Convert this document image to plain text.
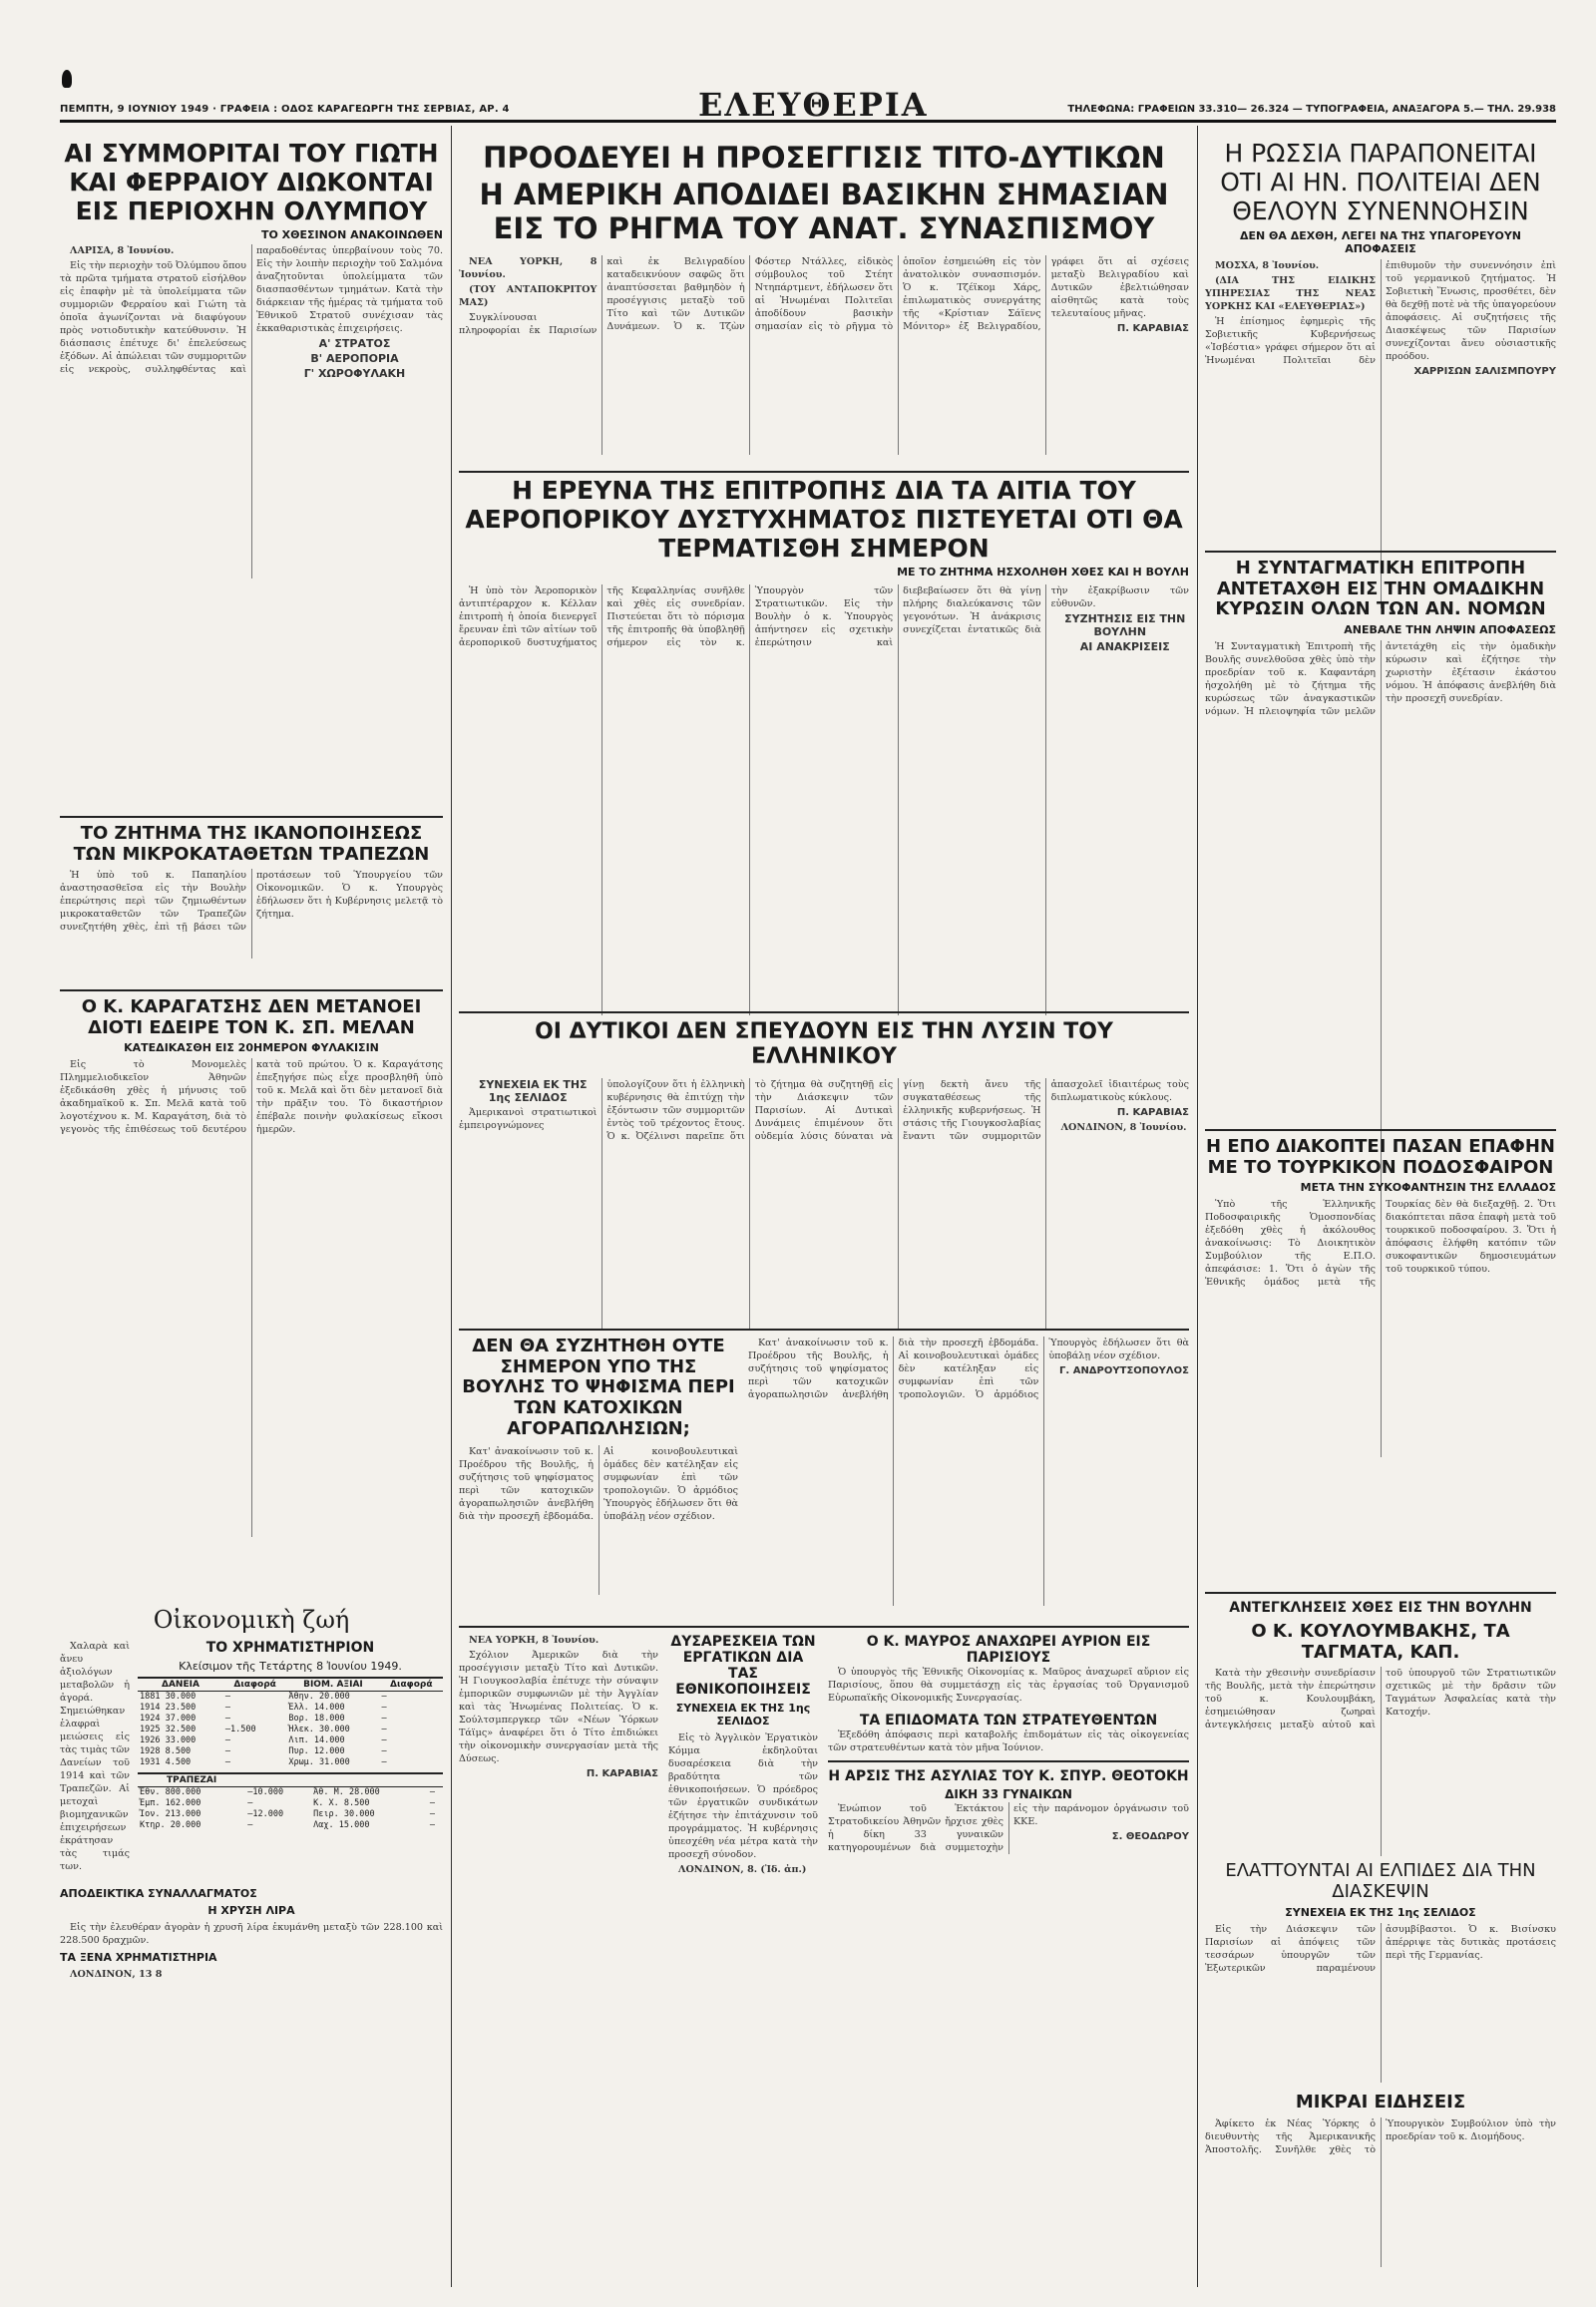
ΠΕΜΠΤΗ, 9 ΙΟΥΝΙΟΥ 1949 · ΓΡΑΦΕΙΑ : ΟΔΟΣ ΚΑΡΑΓΕΩΡΓΗ ΤΗΣ ΣΕΡΒΙΑΣ, ΑΡ. 4	ΕΛΕΥΘΕΡΙΑ	ΤΗΛΕΦΩΝΑ: ΓΡΑΦΕΙΩΝ 33.310— 26.324 — ΤΥΠΟΓΡΑΦΕΙΑ, ΑΝΑΞΑΓΟΡΑ 5.— ΤΗΛ. 29.938
ΑΙ ΣΥΜΜΟΡΙΤΑΙ ΤΟΥ ΓΙΩΤΗ ΚΑΙ ΦΕΡΡΑΙΟΥ ΔΙΩΚΟΝΤΑΙ ΕΙΣ ΠΕΡΙΟΧΗΝ ΟΛΥΜΠΟΥ
ΤΟ ΧΘΕΣΙΝΟΝ ΑΝΑΚΟΙΝΩΘΕΝ

ΛΑΡΙΣΑ, 8 Ἰουνίου.

Εἰς τὴν περιοχὴν τοῦ Ὀλύμπου ὅπου τὰ πρῶτα τμήματα στρατοῦ εἰσήλθον εἰς ἐπαφὴν μὲ τὰ ὑπολείμματα τῶν συμμοριῶν Φερραίου καὶ Γιώτη τὰ ὁποῖα ἀγωνίζονται νὰ διαφύγουν πρὸς νοτιοδυτικὴν κατεύθυνσιν. Ἡ διάσπασις ἐπέτυχε δι' ἐπελεύσεως ἐξόδων. Αἱ ἀπώλειαι τῶν συμμοριτῶν εἰς νεκροὺς, συλληφθέντας καὶ παραδοθέντας ὑπερβαίνουν τοὺς 70. Εἰς τὴν λοιπὴν περιοχὴν τοῦ Σαλμόνα ἀναζητοῦνται ὑπολείμματα τῶν διασπασθέντων τμημάτων. Κατὰ τὴν διάρκειαν τῆς ἡμέρας τὰ τμήματα τοῦ Ἐθνικοῦ Στρατοῦ συνέχισαν τὰς ἐκκαθαριστικὰς ἐπιχειρήσεις.

Α' ΣΤΡΑΤΟΣ

Β' ΑΕΡΟΠΟΡΙΑ

Γ' ΧΩΡΟΦΥΛΑΚΗ

ΤΟ ΖΗΤΗΜΑ ΤΗΣ ΙΚΑΝΟΠΟΙΗΣΕΩΣ ΤΩΝ ΜΙΚΡΟΚΑΤΑΘΕΤΩΝ ΤΡΑΠΕΖΩΝ

Ἡ ὑπὸ τοῦ κ. Παπαηλίου ἀναστησασθεῖσα εἰς τὴν Βουλὴν ἐπερώτησις περὶ τῶν ζημιωθέντων μικροκαταθετῶν τῶν Τραπεζῶν συνεζητήθη χθὲς, ἐπὶ τῇ βάσει τῶν προτάσεων τοῦ Ὑπουργείου τῶν Οἰκονομικῶν. Ὁ κ. Υπουργὸς ἐδήλωσεν ὅτι ἡ Κυβέρνησις μελετᾷ τὸ ζήτημα.

Ο Κ. ΚΑΡΑΓΑΤΣΗΣ ΔΕΝ ΜΕΤΑΝΟΕΙ ΔΙΟΤΙ ΕΔΕΙΡΕ ΤΟΝ Κ. ΣΠ. ΜΕΛΑΝ
ΚΑΤΕΔΙΚΑΣΘΗ ΕΙΣ 20ΗΜΕΡΟΝ ΦΥΛΑΚΙΣΙΝ

Εἰς τὸ Μονομελὲς Πλημμελιοδικεῖον Ἀθηνῶν ἐξεδικάσθη χθὲς ἡ μήνυσις τοῦ ἀκαδημαϊκοῦ κ. Σπ. Μελᾶ κατὰ τοῦ λογοτέχνου κ. Μ. Καραγάτση, διὰ τὸ γεγονὸς τῆς ἐπιθέσεως τοῦ δευτέρου κατὰ τοῦ πρώτου. Ὁ κ. Καραγάτσης ἐπεξηγήσε πὼς εἶχε προσβληθῆ ὑπὸ τοῦ κ. Μελᾶ καὶ ὅτι δὲν μετανοεῖ διὰ τὴν πρᾶξιν του. Τὸ δικαστήριον ἐπέβαλε ποινὴν φυλακίσεως εἴκοσι ἡμερῶν.

Οἰκονομικὴ ζωή

Χαλαρὰ καὶ ἄνευ ἀξιολόγων μεταβολῶν ἡ ἀγορά. Σημειώθηκαν ἐλαφραὶ μειώσεις εἰς τὰς τιμὰς τῶν Δανείων τοῦ 1914 καὶ τῶν Τραπεζῶν. Αἱ μετοχαὶ βιομηχανικῶν ἐπιχειρήσεων ἐκράτησαν τὰς τιμάς των.

ΤΟ ΧΡΗΜΑΤΙΣΤΗΡΙΟΝ
Κλείσιμον τῆς Τετάρτης 8 Ἰουνίου 1949.
ΔΑΝΕΙΑ	Διαφορά	ΒΙΟΜ. ΑΞΙΑΙ	Διαφορά
1881 30.000	—	Ἀθην. 20.000	—
1914 23.500	—	Ἐλλ. 14.000	—
1924 37.000	—	Βορ. 18.000	—
1925 32.500	—1.500	Ἡλεκ. 30.000	—
1926 33.000	—	Λιπ. 14.000	—
1928 8.500	—	Πυρ. 12.000	—
1931 4.500	—	Χρωμ. 31.000	—
ΤΡΑΠΕΖΑΙ			
Ἐθν. 800.000	—10.000	Ἀθ. Μ. 28.000	—
Ἐμπ. 162.000	—	Κ. Χ. 8.500	—
Ἰον. 213.000	—12.000	Πειρ. 30.000	—
Κτηρ. 20.000	—	Λαχ. 15.000	—
ΑΠΟΔΕΙΚΤΙΚΑ ΣΥΝΑΛΛΑΓΜΑΤΟΣ
Η ΧΡΥΣΗ ΛΙΡΑ

Εἰς τὴν ἐλευθέραν ἀγορὰν ἡ χρυσῆ λίρα ἐκυμάνθη μεταξὺ τῶν 228.100 καὶ 228.500 δραχμῶν.

ΤΑ ΞΕΝΑ ΧΡΗΜΑΤΙΣΤΗΡΙΑ

ΛΟΝΔΙΝΟΝ, 13 8

ΠΡΟΟΔΕΥΕΙ Η ΠΡΟΣΕΓΓΙΣΙΣ ΤΙΤΟ-ΔΥΤΙΚΩΝ
Η ΑΜΕΡΙΚΗ ΑΠΟΔΙΔΕΙ ΒΑΣΙΚΗΝ ΣΗΜΑΣΙΑΝ ΕΙΣ ΤΟ ΡΗΓΜΑ ΤΟΥ ΑΝΑΤ. ΣΥΝΑΣΠΙΣΜΟΥ

ΝΕΑ ΥΟΡΚΗ, 8 Ἰουνίου.

(ΤΟΥ ΑΝΤΑΠΟΚΡΙΤΟΥ ΜΑΣ)

Συγκλίνουσαι πληροφορίαι ἐκ Παρισίων καὶ ἐκ Βελιγραδίου καταδεικνύουν σαφῶς ὅτι ἀναπτύσσεται βαθμηδὸν ἡ προσέγγισις μεταξὺ τοῦ Τίτο καὶ τῶν Δυτικῶν Δυνάμεων. Ὁ κ. Τζὼν Φόστερ Ντάλλες, εἰδικὸς σύμβουλος τοῦ Στέητ Ντηπάρτμεντ, ἐδήλωσεν ὅτι αἱ Ἡνωμέναι Πολιτεῖαι ἀποδίδουν βασικὴν σημασίαν εἰς τὸ ρῆγμα τὸ ὁποῖον ἐσημειώθη εἰς τὸν ἀνατολικὸν συνασπισμόν. Ὁ κ. Τζέϊκομ Χάρς, ἐπιλωματικὸς συνεργάτης τῆς «Κρίστιαν Σάϊενς Μόνιτορ» ἐξ Βελιγραδίου, γράφει ὅτι αἱ σχέσεις μεταξὺ Βελιγραδίου καὶ Δυτικῶν ἐβελτιώθησαν αἰσθητῶς κατὰ τοὺς τελευταίους μῆνας.

Π. ΚΑΡΑΒΙΑΣ
Η ΕΡΕΥΝΑ ΤΗΣ ΕΠΙΤΡΟΠΗΣ ΔΙΑ ΤΑ ΑΙΤΙΑ ΤΟΥ ΑΕΡΟΠΟΡΙΚΟΥ ΔΥΣΤΥΧΗΜΑΤΟΣ ΠΙΣΤΕΥΕΤΑΙ ΟΤΙ ΘΑ ΤΕΡΜΑΤΙΣΘΗ ΣΗΜΕΡΟΝ
ΜΕ ΤΟ ΖΗΤΗΜΑ ΗΣΧΟΛΗΘΗ ΧΘΕΣ ΚΑΙ Η ΒΟΥΛΗ

Ἡ ὑπὸ τὸν Ἀεροπορικὸν ἀντιπτέραρχον κ. Κέλλαν ἐπιτροπὴ ἡ ὁποία διενεργεῖ ἔρευναν ἐπὶ τῶν αἰτίων τοῦ ἀεροπορικοῦ δυστυχήματος τῆς Κεφαλληνίας συνῆλθε καὶ χθὲς εἰς συνεδρίαν. Πιστεύεται ὅτι τὸ πόρισμα τῆς ἐπιτροπῆς θὰ ὑποβληθῇ σήμερον εἰς τὸν κ. Ὑπουργὸν τῶν Στρατιωτικῶν. Εἰς τὴν Βουλὴν ὁ κ. Ὑπουργὸς ἀπήντησεν εἰς σχετικὴν ἐπερώτησιν καὶ διεβεβαίωσεν ὅτι θὰ γίνῃ πλήρης διαλεύκανσις τῶν γεγονότων. Ἡ ἀνάκρισις συνεχίζεται ἐντατικῶς διὰ τὴν ἐξακρίβωσιν τῶν εὐθυνῶν.

ΣΥΖΗΤΗΣΙΣ ΕΙΣ ΤΗΝ ΒΟΥΛΗΝ

ΑΙ ΑΝΑΚΡΙΣΕΙΣ

ΟΙ ΔΥΤΙΚΟΙ ΔΕΝ ΣΠΕΥΔΟΥΝ ΕΙΣ ΤΗΝ ΛΥΣΙΝ ΤΟΥ ΕΛΛΗΝΙΚΟΥ

ΣΥΝΕΧΕΙΑ ΕΚ ΤΗΣ 1ης ΣΕΛΙΔΟΣ

Ἀμερικανοὶ στρατιωτικοὶ ἐμπειρογνώμονες ὑπολογίζουν ὅτι ἡ ἐλληνικὴ κυβέρνησις θὰ ἐπιτύχῃ τὴν ἐξόντωσιν τῶν συμμοριτῶν ἐντὸς τοῦ τρέχοντος ἔτους. Ὁ κ. Ὀζέλινσι παρεῖπε ὅτι τὸ ζήτημα θὰ συζητηθῇ εἰς τὴν Διάσκεψιν τῶν Παρισίων. Αἱ Δυτικαὶ Δυνάμεις ἐπιμένουν ὅτι οὐδεμία λύσις δύναται νὰ γίνῃ δεκτὴ ἄνευ τῆς συγκαταθέσεως τῆς ἑλληνικῆς κυβερνήσεως. Ἡ στάσις τῆς Γιουγκοσλαβίας ἔναντι τῶν συμμοριτῶν ἀπασχολεῖ ἰδιαιτέρως τοὺς διπλωματικοὺς κύκλους.

Π. ΚΑΡΑΒΙΑΣ

ΛΟΝΔΙΝΟΝ, 8 Ἰουνίου.

ΔΕΝ ΘΑ ΣΥΖΗΤΗΘΗ ΟΥΤΕ ΣΗΜΕΡΟΝ ΥΠΟ ΤΗΣ ΒΟΥΛΗΣ ΤΟ ΨΗΦΙΣΜΑ ΠΕΡΙ ΤΩΝ ΚΑΤΟΧΙΚΩΝ ΑΓΟΡΑΠΩΛΗΣΙΩΝ;

Κατ' ἀνακοίνωσιν τοῦ κ. Προέδρου τῆς Βουλῆς, ἡ συζήτησις τοῦ ψηφίσματος περὶ τῶν κατοχικῶν ἀγοραπωλησιῶν ἀνεβλήθη διὰ τὴν προσεχῆ ἑβδομάδα. Αἱ κοινοβουλευτικαὶ ὁμάδες δὲν κατέληξαν εἰς συμφωνίαν ἐπὶ τῶν τροπολογιῶν. Ὁ ἀρμόδιος Ὑπουργὸς ἐδήλωσεν ὅτι θὰ ὑποβάλῃ νέον σχέδιον.

Κατ' ἀνακοίνωσιν τοῦ κ. Προέδρου τῆς Βουλῆς, ἡ συζήτησις τοῦ ψηφίσματος περὶ τῶν κατοχικῶν ἀγοραπωλησιῶν ἀνεβλήθη διὰ τὴν προσεχῆ ἑβδομάδα. Αἱ κοινοβουλευτικαὶ ὁμάδες δὲν κατέληξαν εἰς συμφωνίαν ἐπὶ τῶν τροπολογιῶν. Ὁ ἀρμόδιος Ὑπουργὸς ἐδήλωσεν ὅτι θὰ ὑποβάλῃ νέον σχέδιον.

Γ. ΑΝΔΡΟΥΤΣΟΠΟΥΛΟΣ

ΝΕΑ ΥΟΡΚΗ, 8 Ἰουνίου.

Σχόλιον Ἀμερικῶν διὰ τὴν προσέγγισιν μεταξὺ Τίτο καὶ Δυτικῶν. Ἡ Γιουγκοσλαβία ἐπέτυχε τὴν σύναψιν ἐμπορικῶν συμφωνιῶν μὲ τὴν Ἀγγλίαν καὶ τὰς Ἡνωμένας Πολιτείας. Ὁ κ. Σούλτσμπεργκερ τῶν «Νέων Ὑόρκων Τάϊμς» ἀναφέρει ὅτι ὁ Τίτο ἐπιδιώκει τὴν οἰκονομικὴν συνεργασίαν μετὰ τῆς Δύσεως.

Π. ΚΑΡΑΒΙΑΣ
ΔΥΣΑΡΕΣΚΕΙΑ ΤΩΝ ΕΡΓΑΤΙΚΩΝ ΔΙΑ ΤΑΣ ΕΘΝΙΚΟΠΟΙΗΣΕΙΣ
ΣΥΝΕΧΕΙΑ ΕΚ ΤΗΣ 1ης ΣΕΛΙΔΟΣ

Εἰς τὸ Ἀγγλικὸν Ἐργατικὸν Κόμμα ἐκδηλοῦται δυσαρέσκεια διὰ τὴν βραδύτητα τῶν ἐθνικοποιήσεων. Ὁ πρόεδρος τῶν ἐργατικῶν συνδικάτων ἐζήτησε τὴν ἐπιτάχυνσιν τοῦ προγράμματος. Ἡ κυβέρνησις ὑπεσχέθη νέα μέτρα κατὰ τὴν προσεχῆ σύνοδον.

ΛΟΝΔΙΝΟΝ, 8. (Ἰδ. ἀπ.)

Ο Κ. ΜΑΥΡΟΣ ΑΝΑΧΩΡΕΙ ΑΥΡΙΟΝ ΕΙΣ ΠΑΡΙΣΙΟΥΣ

Ὁ ὑπουργὸς τῆς Ἐθνικῆς Οἰκονομίας κ. Μαῦρος ἀναχωρεῖ αὔριον εἰς Παρισίους, ὅπου θὰ συμμετάσχῃ εἰς τὰς ἐργασίας τοῦ Ὀργανισμοῦ Εὐρωπαϊκῆς Οἰκονομικῆς Συνεργασίας.

ΤΑ ΕΠΙΔΟΜΑΤΑ ΤΩΝ ΣΤΡΑΤΕΥΘΕΝΤΩΝ

Ἐξεδόθη ἀπόφασις περὶ καταβολῆς ἐπιδομάτων εἰς τὰς οἰκογενείας τῶν στρατευθέντων κατὰ τὸν μῆνα Ἰούνιον.

Η ΑΡΣΙΣ ΤΗΣ ΑΣΥΛΙΑΣ ΤΟΥ Κ. ΣΠΥΡ. ΘΕΟΤΟΚΗ
ΔΙΚΗ 33 ΓΥΝΑΙΚΩΝ

Ἐνώπιον τοῦ Ἐκτάκτου Στρατοδικείου Ἀθηνῶν ἤρχισε χθὲς ἡ δίκη 33 γυναικῶν κατηγορουμένων διὰ συμμετοχὴν εἰς τὴν παράνομον ὀργάνωσιν τοῦ ΚΚΕ.

Σ. ΘΕΟΔΩΡΟΥ
Η ΡΩΣΣΙΑ ΠΑΡΑΠΟΝΕΙΤΑΙ ΟΤΙ ΑΙ ΗΝ. ΠΟΛΙΤΕΙΑΙ ΔΕΝ ΘΕΛΟΥΝ ΣΥΝΕΝΝΟΗΣΙΝ
ΔΕΝ ΘΑ ΔΕΧΘΗ, ΛΕΓΕΙ ΝΑ ΤΗΣ ΥΠΑΓΟΡΕΥΟΥΝ ΑΠΟΦΑΣΕΙΣ

ΜΟΣΧΑ, 8 Ἰουνίου.

(ΔΙΑ ΤΗΣ ΕΙΔΙΚΗΣ ΥΠΗΡΕΣΙΑΣ ΤΗΣ ΝΕΑΣ ΥΟΡΚΗΣ ΚΑΙ «ΕΛΕΥΘΕΡΙΑΣ»)

Ἡ ἐπίσημος ἐφημερὶς τῆς Σοβιετικῆς Κυβερνήσεως «Ἰσβέστια» γράφει σήμερον ὅτι αἱ Ἡνωμέναι Πολιτεῖαι δὲν ἐπιθυμοῦν τὴν συνεννόησιν ἐπὶ τοῦ γερμανικοῦ ζητήματος. Ἡ Σοβιετικὴ Ἕνωσις, προσθέτει, δὲν θὰ δεχθῇ ποτὲ νὰ τῆς ὑπαγορεύουν ἀποφάσεις. Αἱ συζητήσεις τῆς Διασκέψεως τῶν Παρισίων συνεχίζονται ἄνευ οὐσιαστικῆς προόδου.

ΧΑΡΡΙΣΩΝ ΣΑΛΙΣΜΠΟΥΡΥ
Η ΣΥΝΤΑΓΜΑΤΙΚΗ ΕΠΙΤΡΟΠΗ ΑΝΤΕΤΑΧΘΗ ΕΙΣ ΤΗΝ ΟΜΑΔΙΚΗΝ ΚΥΡΩΣΙΝ ΟΛΩΝ ΤΩΝ ΑΝ. ΝΟΜΩΝ
ΑΝΕΒΑΛΕ ΤΗΝ ΛΗΨΙΝ ΑΠΟΦΑΣΕΩΣ

Ἡ Συνταγματικὴ Ἐπιτροπὴ τῆς Βουλῆς συνελθοῦσα χθὲς ὑπὸ τὴν προεδρίαν τοῦ κ. Καφαντάρη ἠσχολήθη μὲ τὸ ζήτημα τῆς κυρώσεως τῶν ἀναγκαστικῶν νόμων. Ἡ πλειοψηφία τῶν μελῶν ἀντετάχθη εἰς τὴν ὁμαδικὴν κύρωσιν καὶ ἐζήτησε τὴν χωριστὴν ἐξέτασιν ἑκάστου νόμου. Ἡ ἀπόφασις ἀνεβλήθη διὰ τὴν προσεχῆ συνεδρίαν.

Η ΕΠΟ ΔΙΑΚΟΠΤΕΙ ΠΑΣΑΝ ΕΠΑΦΗΝ ΜΕ ΤΟ ΤΟΥΡΚΙΚΟΝ ΠΟΔΟΣΦΑΙΡΟΝ
ΜΕΤΑ ΤΗΝ ΣΥΚΟΦΑΝΤΗΣΙΝ ΤΗΣ ΕΛΛΑΔΟΣ

Ὑπὸ τῆς Ἑλληνικῆς Ποδοσφαιρικῆς Ὁμοσπονδίας ἐξεδόθη χθὲς ἡ ἀκόλουθος ἀνακοίνωσις: Τὸ Διοικητικὸν Συμβούλιον τῆς Ε.Π.Ο. ἀπεφάσισε: 1. Ὅτι ὁ ἀγὼν τῆς Ἑθνικῆς ὁμάδος μετὰ τῆς Τουρκίας δὲν θὰ διεξαχθῇ. 2. Ὅτι διακόπτεται πᾶσα ἐπαφὴ μετὰ τοῦ τουρκικοῦ ποδοσφαίρου. 3. Ὅτι ἡ ἀπόφασις ἐλήφθη κατόπιν τῶν συκοφαντικῶν δημοσιευμάτων τοῦ τουρκικοῦ τύπου.

ΑΝΤΕΓΚΛΗΣΕΙΣ ΧΘΕΣ ΕΙΣ ΤΗΝ ΒΟΥΛΗΝ
Ο Κ. ΚΟΥΛΟΥΜΒΑΚΗΣ, ΤΑ ΤΑΓΜΑΤΑ, ΚΑΠ.

Κατὰ τὴν χθεσινὴν συνεδρίασιν τῆς Βουλῆς, μετὰ τὴν ἐπερώτησιν τοῦ κ. Κουλουμβάκη, ἐσημειώθησαν ζωηραὶ ἀντεγκλήσεις μεταξὺ αὐτοῦ καὶ τοῦ ὑπουργοῦ τῶν Στρατιωτικῶν σχετικῶς μὲ τὴν δρᾶσιν τῶν Ταγμάτων Ἀσφαλείας κατὰ τὴν Κατοχήν.

ΕΛΑΤΤΟΥΝΤΑΙ ΑΙ ΕΛΠΙΔΕΣ ΔΙΑ ΤΗΝ ΔΙΑΣΚΕΨΙΝ
ΣΥΝΕΧΕΙΑ ΕΚ ΤΗΣ 1ης ΣΕΛΙΔΟΣ

Εἰς τὴν Διάσκεψιν τῶν Παρισίων αἱ ἀπόψεις τῶν τεσσάρων ὑπουργῶν τῶν Ἐξωτερικῶν παραμένουν ἀσυμβίβαστοι. Ὁ κ. Βισίνσκυ ἀπέρριψε τὰς δυτικὰς προτάσεις περὶ τῆς Γερμανίας.

ΜΙΚΡΑΙ ΕΙΔΗΣΕΙΣ

Ἀφίκετο ἐκ Νέας Ὑόρκης ὁ διευθυντὴς τῆς Ἀμερικανικῆς Ἀποστολῆς. Συνῆλθε χθὲς τὸ Ὑπουργικὸν Συμβούλιον ὑπὸ τὴν προεδρίαν τοῦ κ. Διομήδους.
